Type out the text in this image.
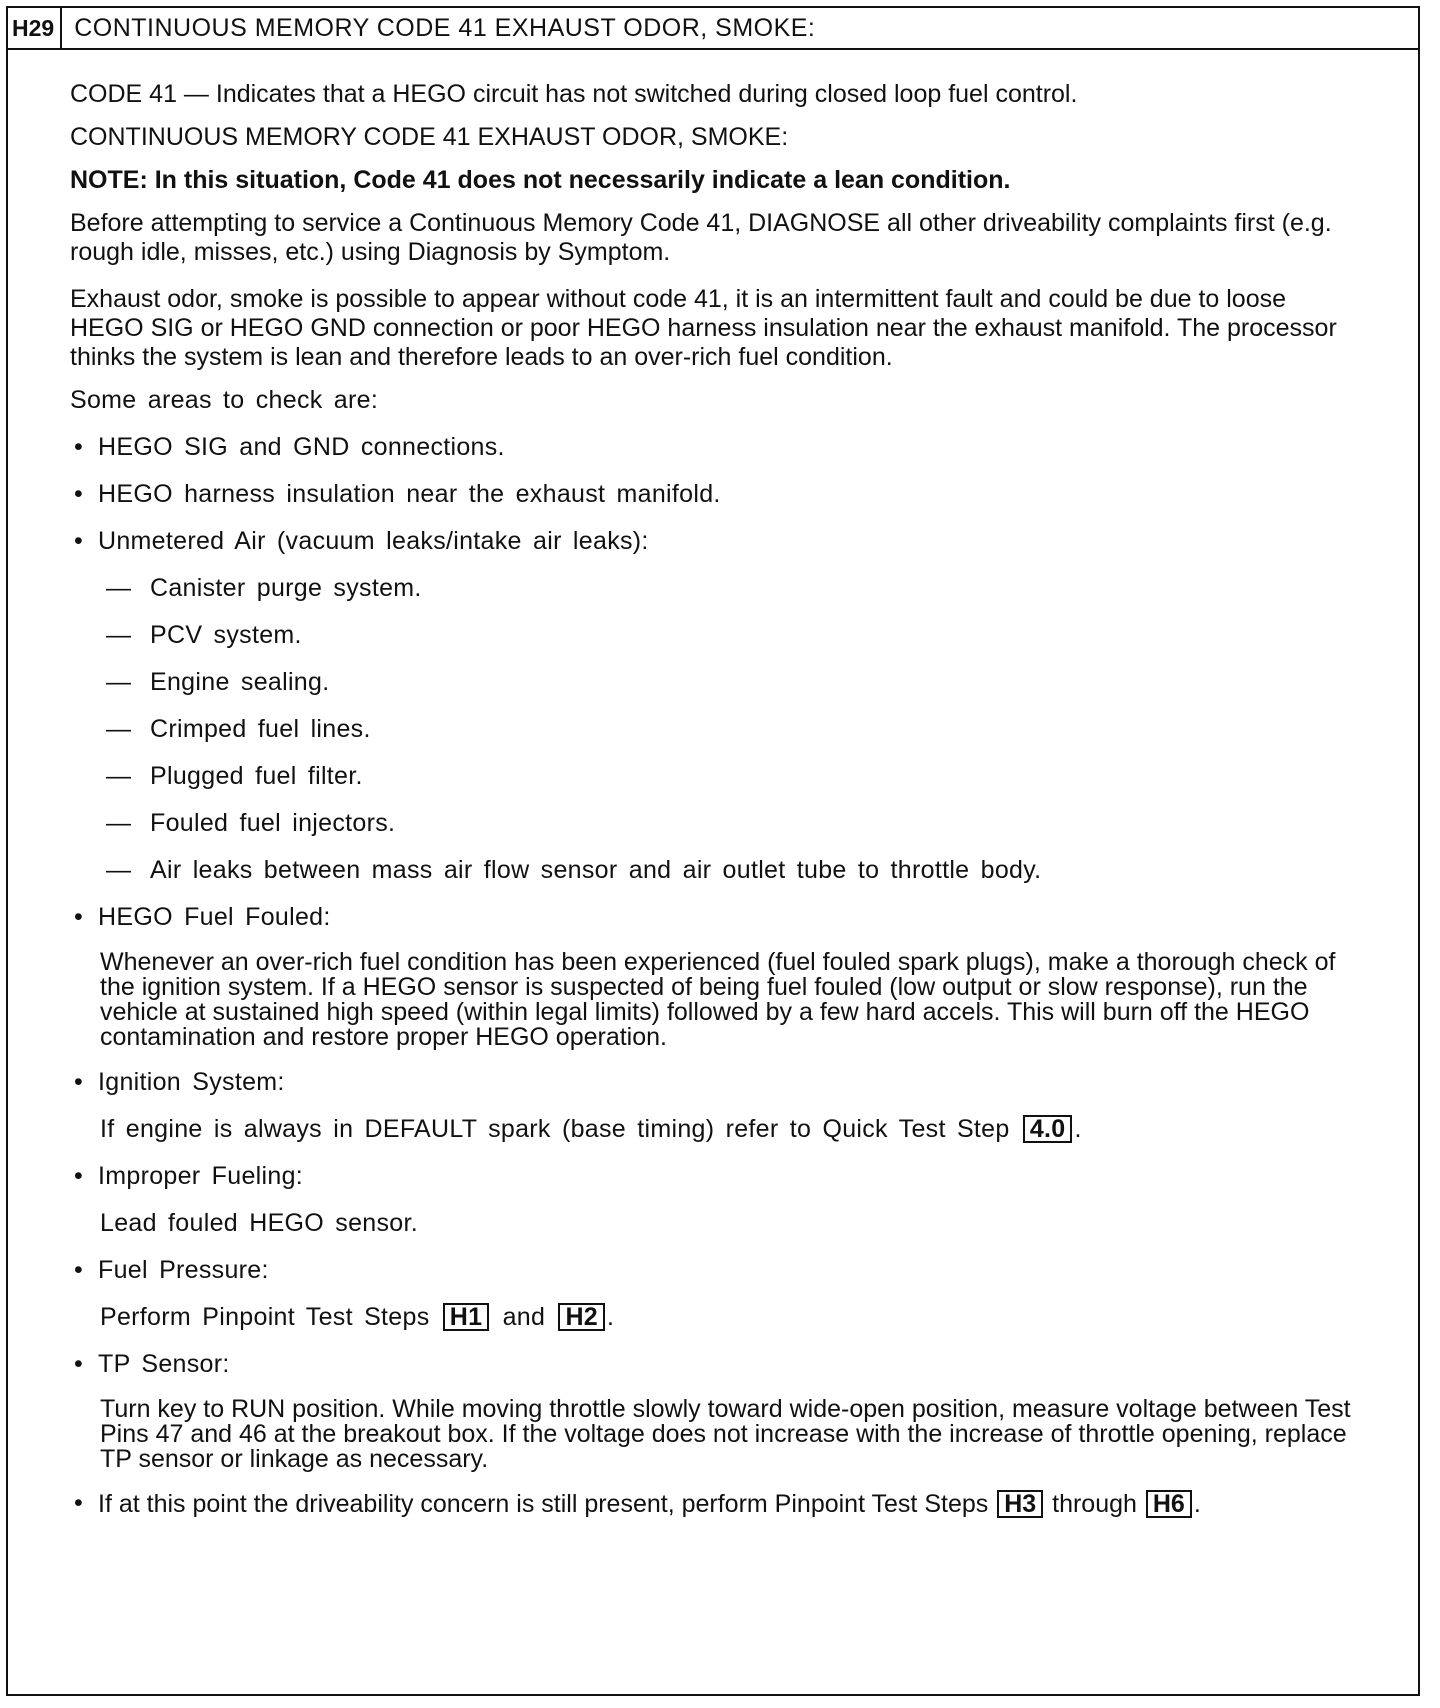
H29 CONTINUOUS MEMORY CODE 41 EXHAUST ODOR, SMOKE:

CODE 41 — Indicates that a HEGO circuit has not switched during closed loop fuel control.

CONTINUOUS MEMORY CODE 41 EXHAUST ODOR, SMOKE:

NOTE: In this situation, Code 41 does not necessarily indicate a lean condition.

Before attempting to service a Continuous Memory Code 41, DIAGNOSE all other driveability complaints first (e.g. rough idle, misses, etc.) using Diagnosis by Symptom.

Exhaust odor, smoke is possible to appear without code 41, it is an intermittent fault and could be due to loose HEGO SIG or HEGO GND connection or poor HEGO harness insulation near the exhaust manifold. The processor thinks the system is lean and therefore leads to an over-rich fuel condition.

Some areas to check are:

• HEGO SIG and GND connections.

• HEGO harness insulation near the exhaust manifold.

• Unmetered Air (vacuum leaks/intake air leaks):

— Canister purge system.

— PCV system.

— Engine sealing.

— Crimped fuel lines.

— Plugged fuel filter.

— Fouled fuel injectors.

— Air leaks between mass air flow sensor and air outlet tube to throttle body.

• HEGO Fuel Fouled:

Whenever an over-rich fuel condition has been experienced (fuel fouled spark plugs), make a thorough check of the ignition system. If a HEGO sensor is suspected of being fuel fouled (low output or slow response), run the vehicle at sustained high speed (within legal limits) followed by a few hard accels. This will burn off the HEGO contamination and restore proper HEGO operation.

• Ignition System:

If engine is always in DEFAULT spark (base timing) refer to Quick Test Step 4.0 .

• Improper Fueling:

Lead fouled HEGO sensor.

• Fuel Pressure:

Perform Pinpoint Test Steps H1 and H2 .

• TP Sensor:

Turn key to RUN position. While moving throttle slowly toward wide-open position, measure voltage between Test Pins 47 and 46 at the breakout box. If the voltage does not increase with the increase of throttle opening, replace TP sensor or linkage as necessary.

• If at this point the driveability concern is still present, perform Pinpoint Test Steps H3 through H6 .
